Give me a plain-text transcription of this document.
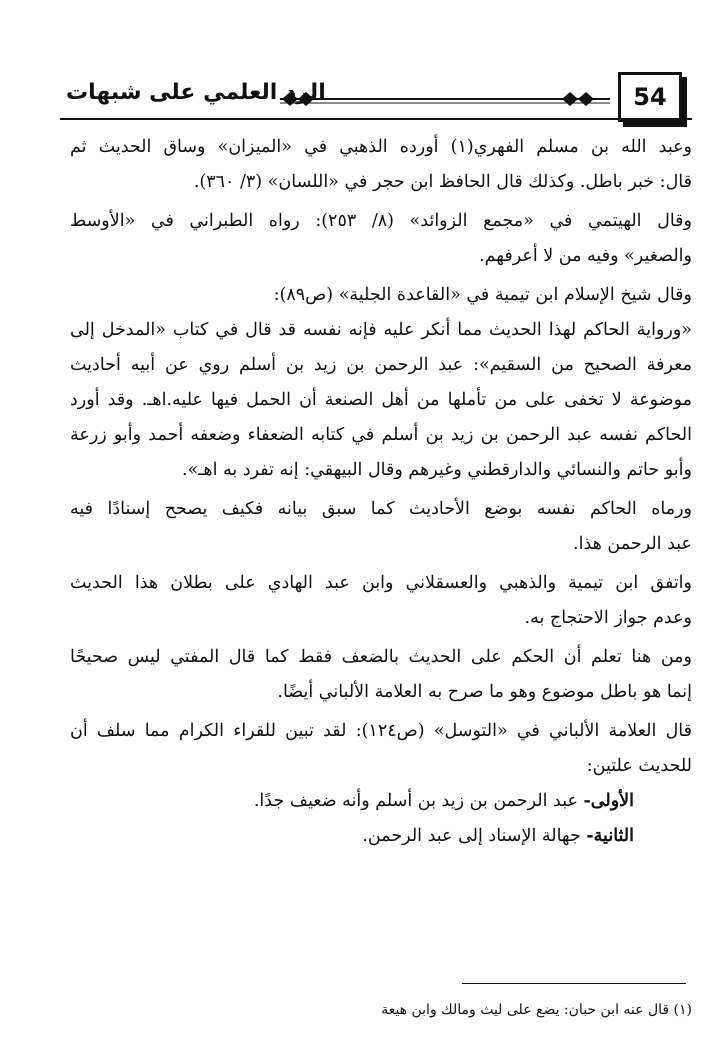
54
الرد العلمي على شبهات
وعبد الله بن مسلم الفهري(١) أورده الذهبي في «الميزان» وساق الحديث ثم
قال: خبر باطل. وكذلك قال الحافظ ابن حجر في «اللسان» (٣/ ٣٦٠).
وقال الهيتمي في «مجمع الزوائد» (٨/ ٢٥٣): رواه الطبراني في «الأوسط
والصغير» وفيه من لا أعرفهم.
وقال شيخ الإسلام ابن تيمية في «القاعدة الجلية» (ص٨٩):
«ورواية الحاكم لهذا الحديث مما أنكر عليه فإنه نفسه قد قال في كتاب «المدخل إلى
معرفة الصحيح من السقيم»: عبد الرحمن بن زيد بن أسلم روي عن أبيه أحاديث
موضوعة لا تخفى على من تأملها من أهل الصنعة أن الحمل فيها عليه.اهـ. وقد أورد
الحاكم نفسه عبد الرحمن بن زيد بن أسلم في كتابه الضعفاء وضعفه أحمد وأبو زرعة
وأبو حاتم والنسائي والدارقطني وغيرهم وقال البيهقي: إنه تفرد به اهـ».
ورماه الحاكم نفسه بوضع الأحاديث كما سبق بيانه فكيف يصحح إسنادًا فيه
عبد الرحمن هذا.
واتفق ابن تيمية والذهبي والعسقلاني وابن عبد الهادي على بطلان هذا الحديث
وعدم جواز الاحتجاج به.
ومن هنا تعلم أن الحكم على الحديث بالضعف فقط كما قال المفتي ليس صحيحًا
إنما هو باطل موضوع وهو ما صرح به العلامة الألباني أيضًا.
قال العلامة الألباني في «التوسل» (ص١٢٤): لقد تبين للقراء الكرام مما سلف أن
للحديث علتين:
الأولى- عبد الرحمن بن زيد بن أسلم وأنه ضعيف جدًا.
الثانية- جهالة الإسناد إلى عبد الرحمن.
(١) قال عنه ابن حبان: يضع على ليث ومالك وابن هيعة
